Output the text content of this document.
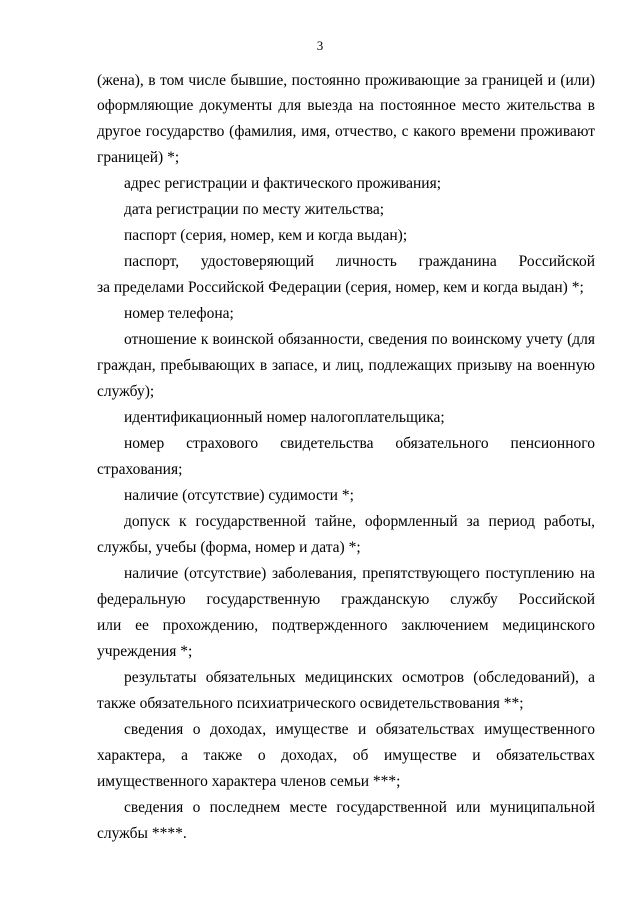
3
(жена), в том числе бывшие, постоянно проживающие за границей и (или)
оформляющие документы для выезда на постоянное место жительства в
другое государство (фамилия, имя, отчество, с какого времени проживают
границей) *;
адрес регистрации и фактического проживания;
дата регистрации по месту жительства;
паспорт (серия, номер, кем и когда выдан);
паспорт, удостоверяющий личность гражданина Российской
за пределами Российской Федерации (серия, номер, кем и когда выдан) *;
номер телефона;
отношение к воинской обязанности, сведения по воинскому учету (для
граждан, пребывающих в запасе, и лиц, подлежащих призыву на военную
службу);
идентификационный номер налогоплательщика;
номер страхового свидетельства обязательного пенсионного
страхования;
наличие (отсутствие) судимости *;
допуск к государственной тайне, оформленный за период работы,
службы, учебы (форма, номер и дата) *;
наличие (отсутствие) заболевания, препятствующего поступлению на
федеральную государственную гражданскую службу Российской
или ее прохождению, подтвержденного заключением медицинского
учреждения *;
результаты обязательных медицинских осмотров (обследований), а
также обязательного психиатрического освидетельствования **;
сведения о доходах, имуществе и обязательствах имущественного
характера, а также о доходах, об имуществе и обязательствах
имущественного характера членов семьи ***;
сведения о последнем месте государственной или муниципальной
службы ****.
